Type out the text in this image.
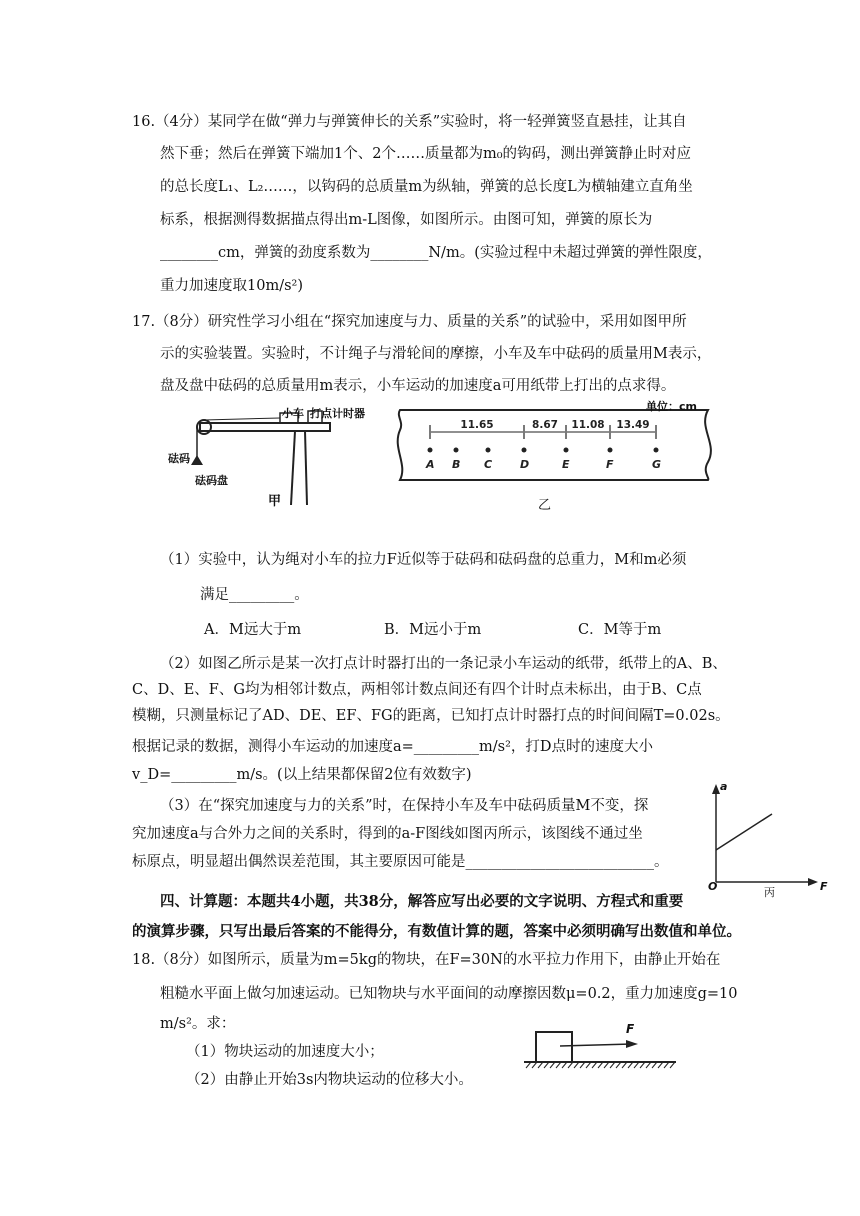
16.（4分）某同学在做“弹力与弹簧伸长的关系”实验时，将一轻弹簧竖直悬挂，让其自
然下垂；然后在弹簧下端加1个、2个……质量都为m₀的钩码，测出弹簧静止时对应
的总长度L₁、L₂……，以钩码的总质量m为纵轴，弹簧的总长度L为横轴建立直角坐
标系，根据测得数据描点得出m-L图像，如图所示。由图可知，弹簧的原长为
________cm，弹簧的劲度系数为________N/m。(实验过程中未超过弹簧的弹性限度，
重力加速度取10m/s²)
17.（8分）研究性学习小组在“探究加速度与力、质量的关系”的试验中，采用如图甲所
示的实验装置。实验时，不计绳子与滑轮间的摩擦，小车及车中砝码的质量用M表示，
盘及盘中砝码的总质量用m表示，小车运动的加速度a可用纸带上打出的点求得。
小车 打点计时器
砝码
砝码盘
甲
A B C	D	E	F	G
11.65	8.67 11.08 13.49
单位：cm
乙
（1）实验中，认为绳对小车的拉力F近似等于砝码和砝码盘的总重力，M和m必须
满足_________。
A．M远大于m	B．M远小于m	C．M等于m
（2）如图乙所示是某一次打点计时器打出的一条记录小车运动的纸带，纸带上的A、B、
C、D、E、F、G均为相邻计数点，两相邻计数点间还有四个计时点未标出，由于B、C点
模糊，只测量标记了AD、DE、EF、FG的距离，已知打点计时器打点的时间间隔T=0.02s。
根据记录的数据，测得小车运动的加速度a=_________m/s²，打D点时的速度大小
v_D=_________m/s。(以上结果都保留2位有效数字)
（3）在“探究加速度与力的关系”时，在保持小车及车中砝码质量M不变，探
究加速度a与合外力之间的关系时，得到的a-F图线如图丙所示，该图线不通过坐
标原点，明显超出偶然误差范围，其主要原因可能是__________________________。
a
F
O	丙
四、计算题：本题共4小题，共38分，解答应写出必要的文字说明、方程式和重要
的演算步骤，只写出最后答案的不能得分，有数值计算的题，答案中必须明确写出数值和单位。
18.（8分）如图所示，质量为m=5kg的物块，在F=30N的水平拉力作用下，由静止开始在
粗糙水平面上做匀加速运动。已知物块与水平面间的动摩擦因数μ=0.2，重力加速度g=10
m/s²。求：
（1）物块运动的加速度大小；
（2）由静止开始3s内物块运动的位移大小。
F
